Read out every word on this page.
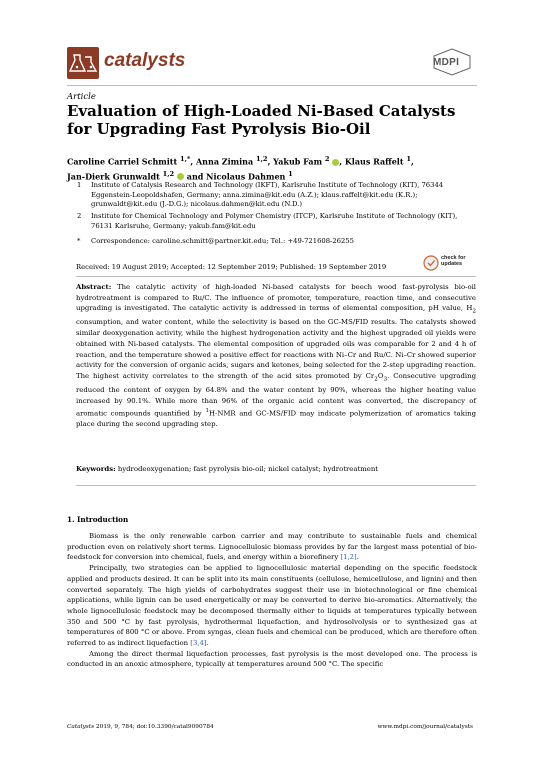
catalysts	MDPI
Article
Evaluation of High-Loaded Ni-Based Catalysts for Upgrading Fast Pyrolysis Bio-Oil
Caroline Carriel Schmitt $^{1,*}$, Anna Zimina $^{1,2}$, Yakub Fam $^2$ , Klaus Raffelt $^1$,
Jan-Dierk Grunwaldt $^{1,2}$  and Nicolaus Dahmen $^1$
1 Institute of Catalysis Research and Technology (IKFT), Karlsruhe Institute of Technology (KIT), 76344 Eggenstein-Leopoldshafen, Germany; anna.zimina@kit.edu (A.Z.); klaus.raffelt@kit.edu (K.R.); grunwaldt@kit.edu (J.-D.G.); nicolaus.dahmen@kit.edu (N.D.)
2 Institute for Chemical Technology and Polymer Chemistry (ITCP), Karlsruhe Institute of Technology (KIT), 76131 Karlsruhe, Germany; yakub.fam@kit.edu
* Correspondence: caroline.schmitt@partner.kit.edu; Tel.: +49-721608-26255
check for
updates
Received: 19 August 2019; Accepted: 12 September 2019; Published: 19 September 2019
Abstract: The catalytic activity of high-loaded Ni-based catalysts for beech wood fast-pyrolysis bio-oil hydrotreatment is compared to Ru/C. The influence of promoter, temperature, reaction time, and consecutive upgrading is investigated. The catalytic activity is addressed in terms of elemental composition, pH value, $H_2$ consumption, and water content, while the selectivity is based on the GC-MS/FID results. The catalysts showed similar deoxygenation activity, while the highest hydrogenation activity and the highest upgraded oil yields were obtained with Ni-based catalysts. The elemental composition of upgraded oils was comparable for 2 and 4 h of reaction, and the temperature showed a positive effect for reactions with Ni–Cr and Ru/C. Ni–Cr showed superior activity for the conversion of organic acids, sugars and ketones, being selected for the 2-step upgrading reaction. The highest activity correlates to the strength of the acid sites promoted by $Cr_2O_3$. Consecutive upgrading reduced the content of oxygen by 64.8% and the water content by 90%, whereas the higher heating value increased by 90.1%. While more than 96% of the organic acid content was converted, the discrepancy of aromatic compounds quantified by $^1$H-NMR and GC-MS/FID may indicate polymerization of aromatics taking place during the second upgrading step.
Keywords: hydrodeoxygenation; fast pyrolysis bio-oil; nickel catalyst; hydrotreatment
1. Introduction

Biomass is the only renewable carbon carrier and may contribute to sustainable fuels and chemical production even on relatively short terms. Lignocellulosic biomass provides by far the largest mass potential of bio-feedstock for conversion into chemical, fuels, and energy within a biorefinery [1,2].

Principally, two strategies can be applied to lignocellulosic material depending on the specific feedstock applied and products desired. It can be split into its main constituents (cellulose, hemicellulose, and lignin) and then converted separately. The high yields of carbohydrates suggest their use in biotechnological or fine chemical applications, while lignin can be used energetically or may be converted to derive bio-aromatics. Alternatively, the whole lignocellulosic feedstock may be decomposed thermally either to liquids at temperatures typically between 350 and 500 °C by fast pyrolysis, hydrothermal liquefaction, and hydrosolvolysis or to synthesized gas at temperatures of 800 °C or above. From syngas, clean fuels and chemical can be produced, which are therefore often referred to as indirect liquefaction [3,4].

Among the direct thermal liquefaction processes, fast pyrolysis is the most developed one. The process is conducted in an anoxic atmosphere, typically at temperatures around 500 °C. The specific

Catalysts 2019, 9, 784; doi:10.3390/catal9090784	www.mdpi.com/journal/catalysts
